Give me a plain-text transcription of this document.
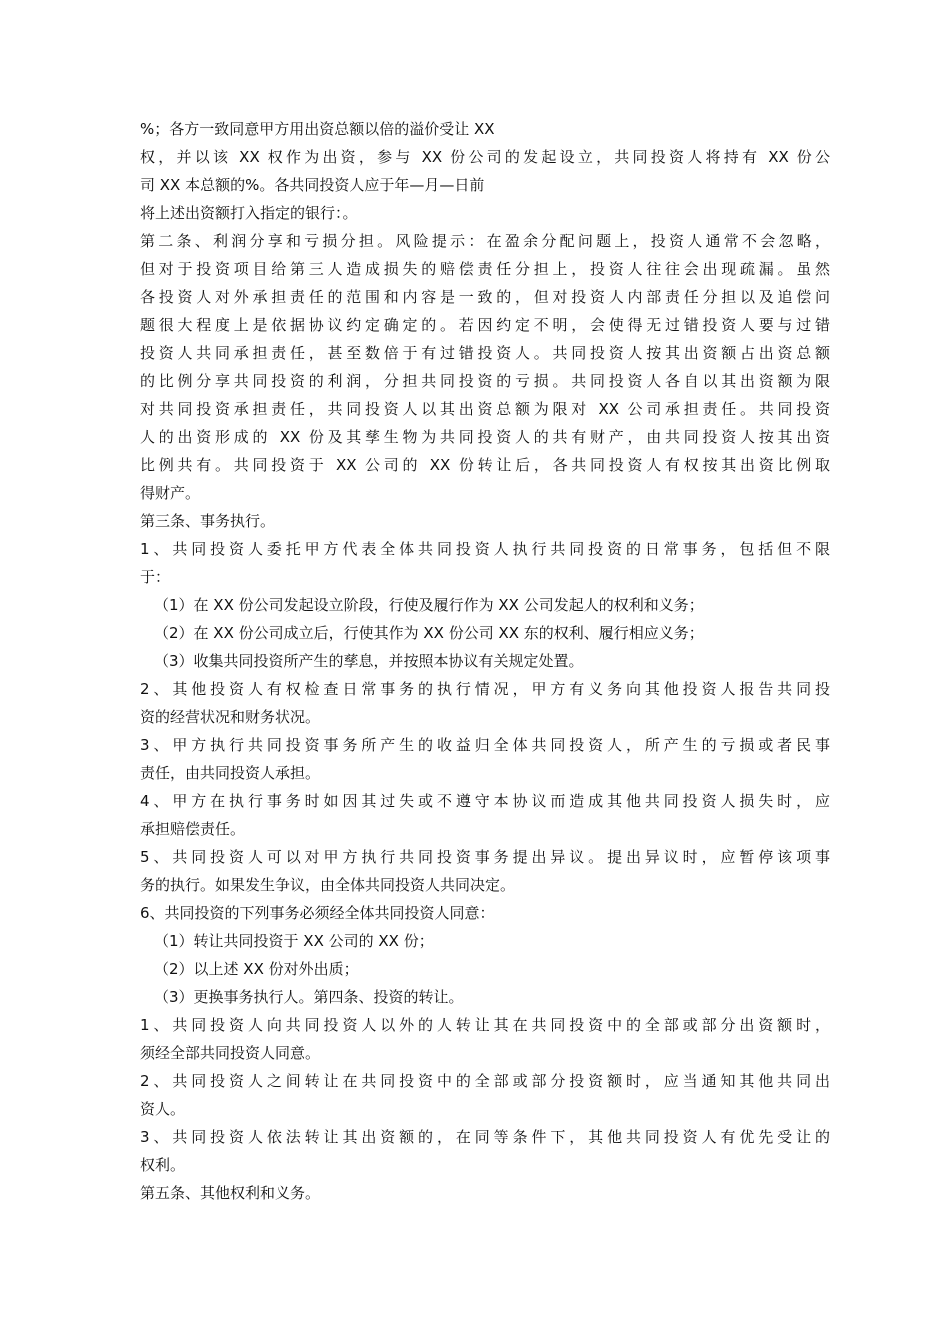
%；各方一致同意甲方用出资总额以倍的溢价受让 XX
权，并以该 XX 权作为出资，参与 XX 份公司的发起设立，共同投资人将持有 XX 份公
司 XX 本总额的%。各共同投资人应于年—月—日前
将上述出资额打入指定的银行：。
第二条、利润分享和亏损分担。风险提示：在盈余分配问题上，投资人通常不会忽略，
但对于投资项目给第三人造成损失的赔偿责任分担上，投资人往往会出现疏漏。虽然
各投资人对外承担责任的范围和内容是一致的，但对投资人内部责任分担以及追偿问
题很大程度上是依据协议约定确定的。若因约定不明，会使得无过错投资人要与过错
投资人共同承担责任，甚至数倍于有过错投资人。共同投资人按其出资额占出资总额
的比例分享共同投资的利润，分担共同投资的亏损。共同投资人各自以其出资额为限
对共同投资承担责任，共同投资人以其出资总额为限对 XX 公司承担责任。共同投资
人的出资形成的 XX 份及其孳生物为共同投资人的共有财产，由共同投资人按其出资
比例共有。共同投资于 XX 公司的 XX 份转让后，各共同投资人有权按其出资比例取
得财产。
第三条、事务执行。
1、共同投资人委托甲方代表全体共同投资人执行共同投资的日常事务，包括但不限
于：
（1）在 XX 份公司发起设立阶段，行使及履行作为 XX 公司发起人的权利和义务；
（2）在 XX 份公司成立后，行使其作为 XX 份公司 XX 东的权利、履行相应义务；
（3）收集共同投资所产生的孳息，并按照本协议有关规定处置。
2、其他投资人有权检查日常事务的执行情况，甲方有义务向其他投资人报告共同投
资的经营状况和财务状况。
3、甲方执行共同投资事务所产生的收益归全体共同投资人，所产生的亏损或者民事
责任，由共同投资人承担。
4、甲方在执行事务时如因其过失或不遵守本协议而造成其他共同投资人损失时，应
承担赔偿责任。
5、共同投资人可以对甲方执行共同投资事务提出异议。提出异议时，应暂停该项事
务的执行。如果发生争议，由全体共同投资人共同决定。
6、共同投资的下列事务必须经全体共同投资人同意：
（1）转让共同投资于 XX 公司的 XX 份；
（2）以上述 XX 份对外出质；
（3）更换事务执行人。第四条、投资的转让。
1、共同投资人向共同投资人以外的人转让其在共同投资中的全部或部分出资额时，
须经全部共同投资人同意。
2、共同投资人之间转让在共同投资中的全部或部分投资额时，应当通知其他共同出
资人。
3、共同投资人依法转让其出资额的，在同等条件下，其他共同投资人有优先受让的
权利。
第五条、其他权利和义务。
